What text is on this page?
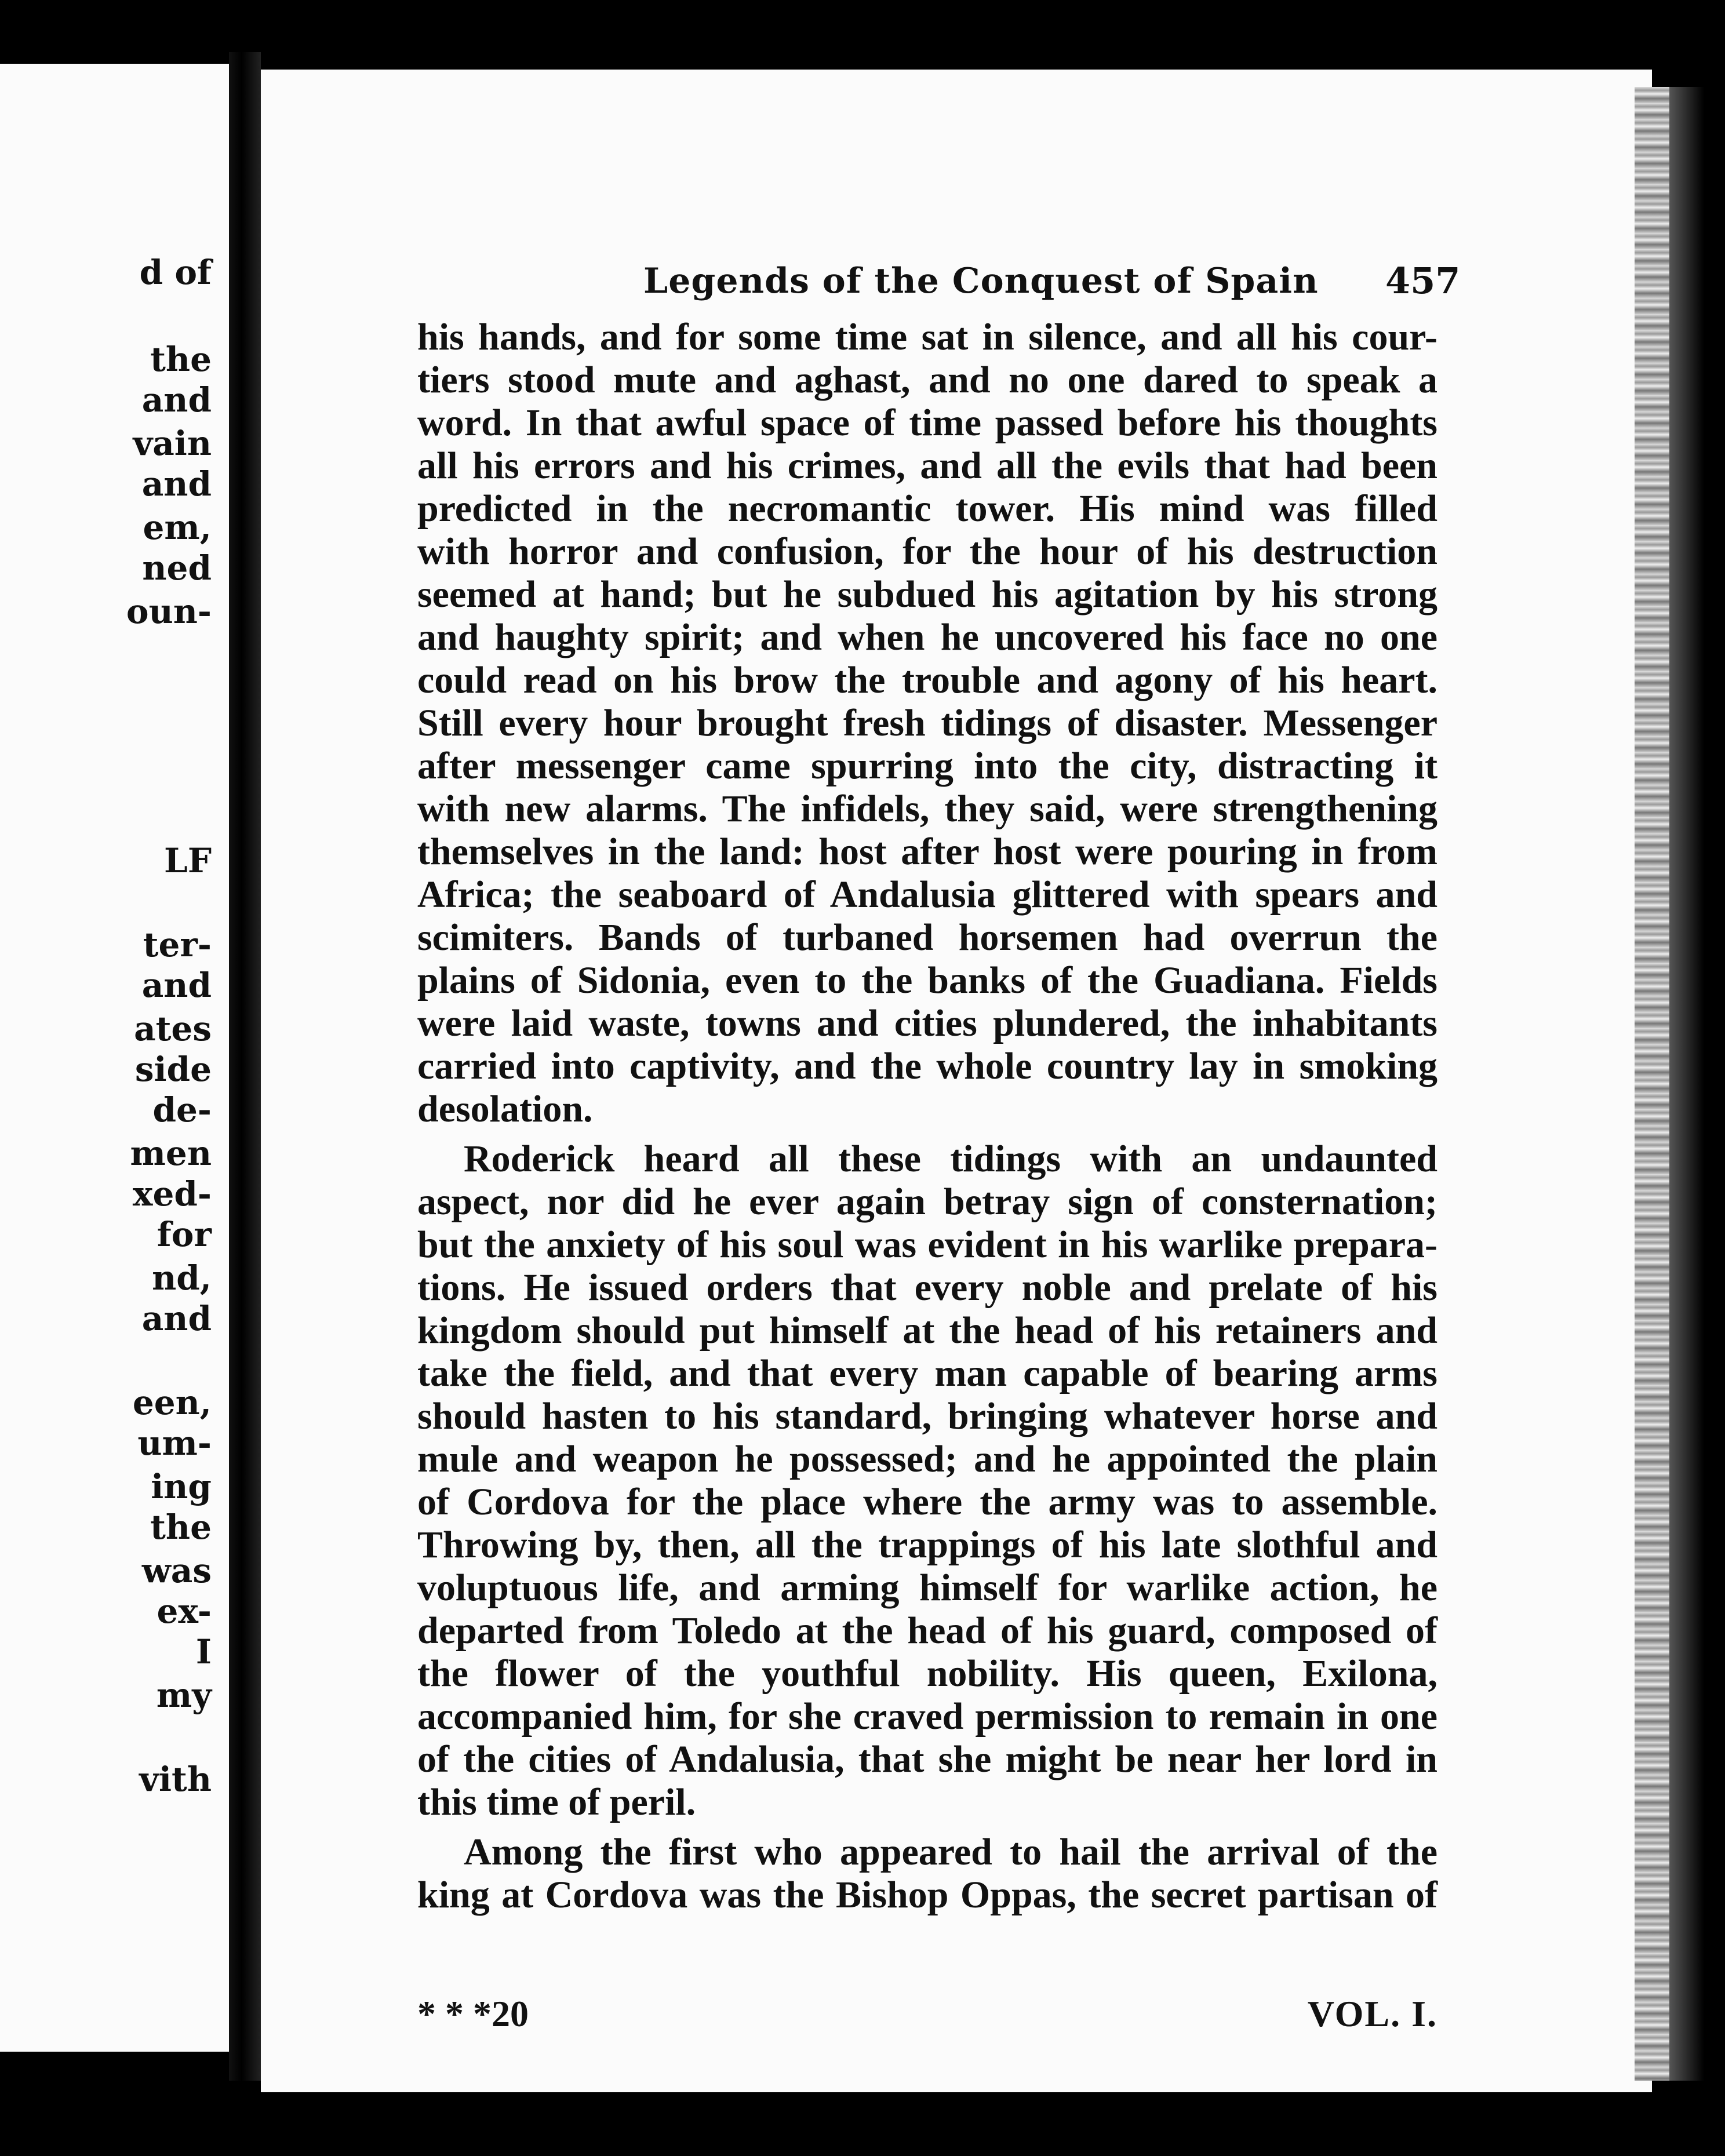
d of
the
and
vain
and
em,
ned
oun-
LF
ter-
and
ates
side
de-
men
xed-
for
nd,
and
een,
um-
ing
the
was
ex-
I
my
vith
Legends of the Conquest of Spain 457
his hands, and for some time sat in silence, and all his cour-
tiers stood mute and aghast, and no one dared to speak a
word. In that awful space of time passed before his thoughts
all his errors and his crimes, and all the evils that had been
predicted in the necromantic tower. His mind was filled
with horror and confusion, for the hour of his destruction
seemed at hand; but he subdued his agitation by his strong
and haughty spirit; and when he uncovered his face no one
could read on his brow the trouble and agony of his heart.
Still every hour brought fresh tidings of disaster. Messenger
after messenger came spurring into the city, distracting it
with new alarms. The infidels, they said, were strengthening
themselves in the land: host after host were pouring in from
Africa; the seaboard of Andalusia glittered with spears and
scimiters. Bands of turbaned horsemen had overrun the
plains of Sidonia, even to the banks of the Guadiana. Fields
were laid waste, towns and cities plundered, the inhabitants
carried into captivity, and the whole country lay in smoking
desolation.
Roderick heard all these tidings with an undaunted
aspect, nor did he ever again betray sign of consternation;
but the anxiety of his soul was evident in his warlike prepara-
tions. He issued orders that every noble and prelate of his
kingdom should put himself at the head of his retainers and
take the field, and that every man capable of bearing arms
should hasten to his standard, bringing whatever horse and
mule and weapon he possessed; and he appointed the plain
of Cordova for the place where the army was to assemble.
Throwing by, then, all the trappings of his late slothful and
voluptuous life, and arming himself for warlike action, he
departed from Toledo at the head of his guard, composed of
the flower of the youthful nobility. His queen, Exilona,
accompanied him, for she craved permission to remain in one
of the cities of Andalusia, that she might be near her lord in
this time of peril.
Among the first who appeared to hail the arrival of the
king at Cordova was the Bishop Oppas, the secret partisan of
* * *20	VOL. I.
